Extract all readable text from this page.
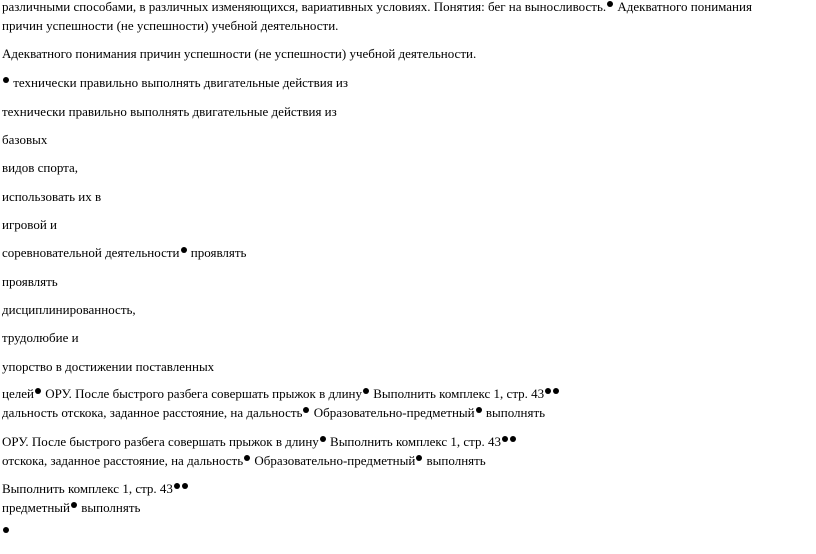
различными способами, в различных изменяющихся, вариативных условиях. Понятия: бег на выносливость. Адекватного понимания
причин успешности (не успешности) учебной деятельности.
Адекватного понимания причин успешности (не успешности) учебной деятельности.
технически правильно выполнять двигательные действия из
технически правильно выполнять двигательные действия из
базовых
видов спорта,
использовать их в
игровой и
соревновательной деятельности проявлять
проявлять
дисциплинированность,
трудолюбие и
упорство в достижении поставленных
целей ОРУ. После быстрого разбега совершать прыжок в длину Выполнить комплекс 1, стр. 43
дальность отскока, заданное расстояние, на дальность Образовательно-предметный выполнять
ОРУ. После быстрого разбега совершать прыжок в длину Выполнить комплекс 1, стр. 43
отскока, заданное расстояние, на дальность Образовательно-предметный выполнять
Выполнить комплекс 1, стр. 43
предметный выполнять
